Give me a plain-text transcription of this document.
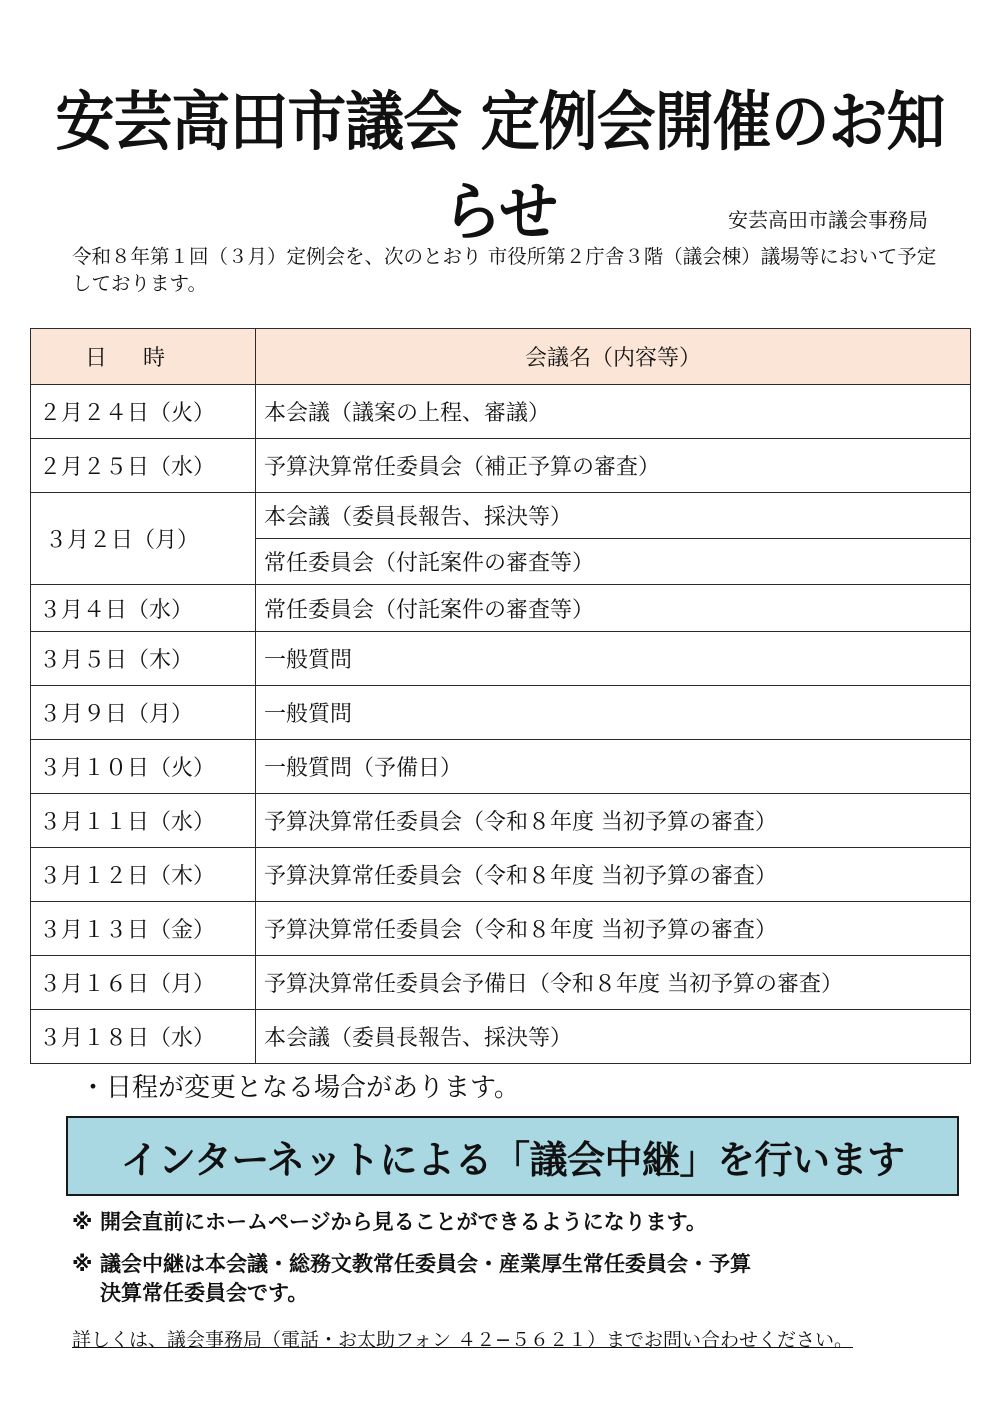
安芸高田市議会 定例会開催のお知らせ	安芸高田市議会事務局
令和８年第１回（３月）定例会を、次のとおり 市役所第２庁舎３階（議会棟）議場等において予定しております。
日時	会議名（内容等）
２月２４日（火）	本会議（議案の上程、審議）
２月２５日（水）	予算決算常任委員会（補正予算の審査）
３月２日（月）	本会議（委員長報告、採決等）
	常任委員会（付託案件の審査等）
３月４日（水）	常任委員会（付託案件の審査等）
３月５日（木）	一般質問
３月９日（月）	一般質問
３月１０日（火）	一般質問（予備日）
３月１１日（水）	予算決算常任委員会（令和８年度 当初予算の審査）
３月１２日（木）	予算決算常任委員会（令和８年度 当初予算の審査）
３月１３日（金）	予算決算常任委員会（令和８年度 当初予算の審査）
３月１６日（月）	予算決算常任委員会予備日（令和８年度 当初予算の審査）
３月１８日（水）	本会議（委員長報告、採決等）
・日程が変更となる場合があります。
インターネットによる「議会中継」を行います
※ 開会直前にホームページから見ることができるようになります。
※ 議会中継は本会議・総務文教常任委員会・産業厚生常任委員会・予算
決算常任委員会です。
詳しくは、議会事務局（電話・お太助フォン ４２−５６２１）までお問い合わせください。
